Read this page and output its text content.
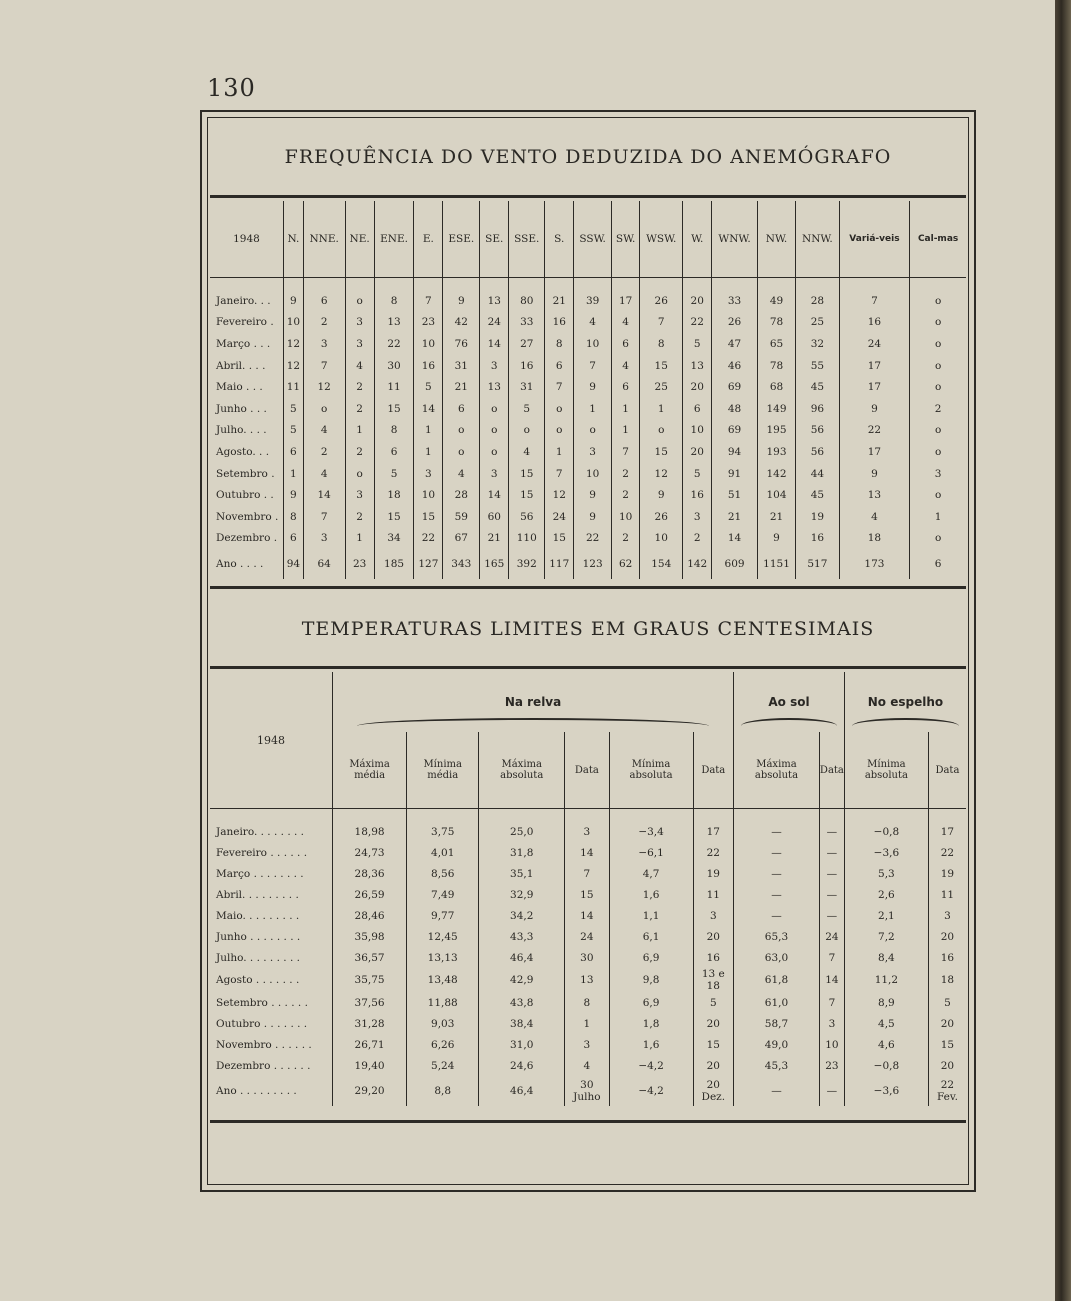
130
FREQUÊNCIA DO VENTO DEDUZIDA DO ANEMÓGRAFO
1948	N.	NNE.	NE.	ENE.	E.	ESE.	SE.	SSE.	S.	SSW.	SW.	WSW.	W.	WNW.	NW.	NNW.	Variá-veis	Cal-mas

Janeiro. . .	9	6	o	8	7	9	13	80	21	39	17	26	20	33	49	28	7	o
Fevereiro .	10	2	3	13	23	42	24	33	16	4	4	7	22	26	78	25	16	o
Março . . .	12	3	3	22	10	76	14	27	8	10	6	8	5	47	65	32	24	o
Abril. . . .	12	7	4	30	16	31	3	16	6	7	4	15	13	46	78	55	17	o
Maio . . .	11	12	2	11	5	21	13	31	7	9	6	25	20	69	68	45	17	o
Junho . . .	5	o	2	15	14	6	o	5	o	1	1	1	6	48	149	96	9	2
Julho. . . .	5	4	1	8	1	o	o	o	o	o	1	o	10	69	195	56	22	o
Agosto. . .	6	2	2	6	1	o	o	4	1	3	7	15	20	94	193	56	17	o
Setembro .	1	4	o	5	3	4	3	15	7	10	2	12	5	91	142	44	9	3
Outubro . .	9	14	3	18	10	28	14	15	12	9	2	9	16	51	104	45	13	o
Novembro .	8	7	2	15	15	59	60	56	24	9	10	26	3	21	21	19	4	1
Dezembro .	6	3	1	34	22	67	21	110	15	22	2	10	2	14	9	16	18	o
Ano . . . .	94	64	23	185	127	343	165	392	117	123	62	154	142	609	1151	517	173	6
TEMPERATURAS LIMITES EM GRAUS CENTESIMAIS
1948	Na relva						Ao sol		No espelho	

	Máxima média	Mínima média	Máxima absoluta	Data	Mínima absoluta	Data	Máxima absoluta	Data	Mínima absoluta	Data

Janeiro. . . . . . . .	18,98	3,75	25,0	3	−3,4	17	—	—	−0,8	17
Fevereiro . . . . . .	24,73	4,01	31,8	14	−6,1	22	—	—	−3,6	22
Março . . . . . . . .	28,36	8,56	35,1	7	4,7	19	—	—	5,3	19
Abril. . . . . . . . .	26,59	7,49	32,9	15	1,6	11	—	—	2,6	11
Maio. . . . . . . . .	28,46	9,77	34,2	14	1,1	3	—	—	2,1	3
Junho . . . . . . . .	35,98	12,45	43,3	24	6,1	20	65,3	24	7,2	20
Julho. . . . . . . . .	36,57	13,13	46,4	30	6,9	16	63,0	7	8,4	16
Agosto . . . . . . .	35,75	13,48	42,9	13	9,8	13 e 18	61,8	14	11,2	18
Setembro . . . . . .	37,56	11,88	43,8	8	6,9	5	61,0	7	8,9	5
Outubro . . . . . . .	31,28	9,03	38,4	1	1,8	20	58,7	3	4,5	20
Novembro . . . . . .	26,71	6,26	31,0	3	1,6	15	49,0	10	4,6	15
Dezembro . . . . . .	19,40	5,24	24,6	4	−4,2	20	45,3	23	−0,8	20
Ano . . . . . . . . .	29,20	8,8	46,4	30 Julho	−4,2	20 Dez.	—	—	−3,6	22 Fev.
